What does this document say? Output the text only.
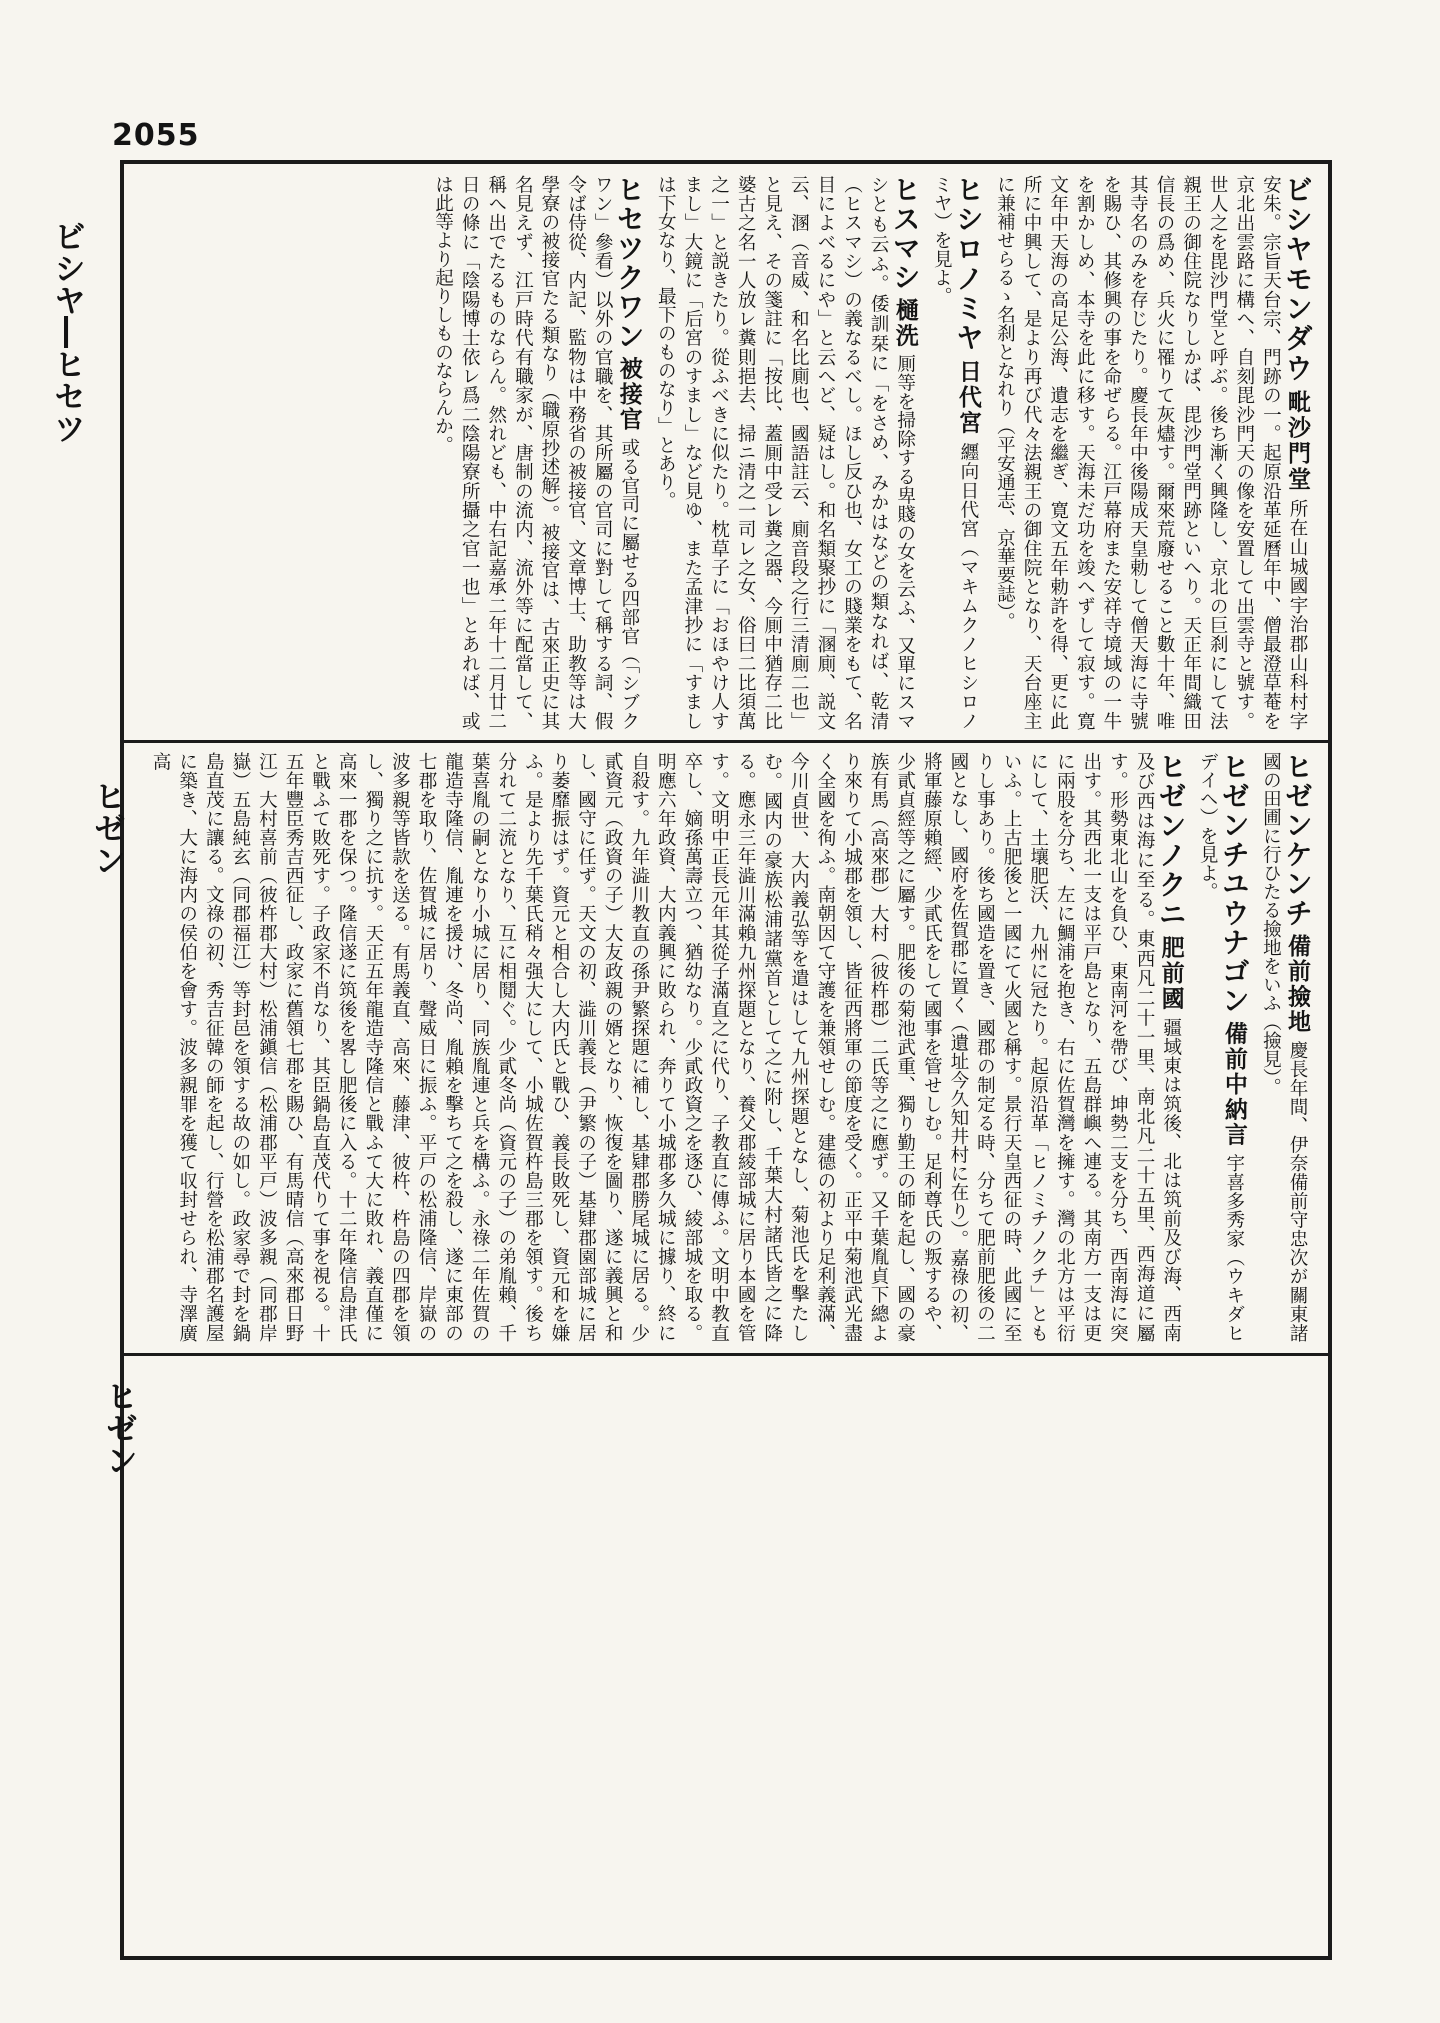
2055
ビシヤ―ヒセツ
ヒゼン
ヒゼン
ビシヤモンダウ 毗沙門堂 所在山城國宇治郡山科村字安朱。宗旨天台宗、門跡の一。起原沿革延曆年中、僧最澄草菴を京北出雲路に構へ、自刻毘沙門天の像を安置して出雲寺と號す。世人之を毘沙門堂と呼ぶ。後ち漸く興隆し、京北の巨刹にして法親王の御住院なりしかば、毘沙門堂門跡といへり。天正年間織田信長の爲め、兵火に罹りて灰燼す。爾來荒廢せること數十年、唯其寺名のみを存じたり。慶長年中後陽成天皇勅して僧天海に寺號を賜ひ、其修興の事を命ぜらる。江戸幕府また安祥寺境域の一牛を割かしめ、本寺を此に移す。天海未だ功を竣へずして寂す。寛文年中天海の高足公海、遺志を繼ぎ、寛文五年勅許を得、更に此所に中興して、是より再び代々法親王の御住院となり、天台座主に兼補せらるゝ名刹となれり（平安通志、京華要誌）。
ヒシロノミヤ 日代宮 纒向日代宮（マキムクノヒシロノミヤ）を見よ。
ヒスマシ 樋洗 厠等を掃除する卑賤の女を云ふ、又單にスマシとも云ふ。倭訓栞に「をさめ、みかはなどの類なれば、乾清（ヒスマシ）の義なるべし。ほし反ひ也、女工の賤業をもて、名目によべるにや」と云へど、疑はし。和名類聚抄に「溷廁、説文云、溷（音威、和名比廁也、國語註云、廁音段之行三清廁二也」と見え、その箋註に「按比、蓋厠中受レ糞之器、今厠中猶存二比婆古之名一人放レ糞則挹去、掃ニ清之一司レ之女、俗曰二比須萬之一」と説きたり。從ふべきに似たり。枕草子に「おほやけ人すまし」大鏡に「后宮のすまし」など見ゆ、また孟津抄に「すましは下女なり、最下のものなり」とあり。
ヒセツクワン 被接官 或る官司に屬せる四部官（「シブクワン」參看）以外の官職を、其所屬の官司に對して稱する詞、假令ば侍從、内記、監物は中務省の被接官、文章博士、助教等は大學寮の被接官たる類なり（職原抄述解）。被接官は、古來正史に其名見えず、江戸時代有職家が、唐制の流内、流外等に配當して、稱へ出でたるものならん。然れども、中右記嘉承二年十二月廿二日の條に「陰陽博士依レ爲二陰陽寮所攝之官一也」とあれば、或は此等より起りしものならんか。
ヒゼンケンチ 備前撿地 慶長年間、伊奈備前守忠次が關東諸國の田圃に行ひたる撿地をいふ（撿見）。
ヒゼンチユウナゴン 備前中納言 宇喜多秀家（ウキダヒデイヘ）を見よ。
ヒゼンノクニ 肥前國 疆域東は筑後、北は筑前及び海、西南及び西は海に至る。東西凡二十一里、南北凡二十五里、西海道に屬す。形勢東北山を負ひ、東南河を帶び、坤勢二支を分ち、西南海に突出す。其西北一支は平戸島となり、五島群嶼へ連る。其南方一支は更に兩股を分ち、左に鯛浦を抱き、右に佐賀灣を擁す。灣の北方は平衍にして、土壤肥沃、九州に冠たり。起原沿革「ヒノミチノクチ」ともいふ。上古肥後と一國にて火國と稱す。景行天皇西征の時、此國に至りし事あり。後ち國造を置き、國郡の制定る時、分ちて肥前肥後の二國となし、國府を佐賀郡に置く（遺址今久知井村に在り）。嘉祿の初、將軍藤原賴經、少貳氏をして國事を管せしむ。足利尊氏の叛するや、少貳貞經等之に屬す。肥後の菊池武重、獨り勤王の師を起し、國の豪族有馬（高來郡）大村（彼杵郡）二氏等之に應ず。又千葉胤貞下總より來りて小城郡を領し、皆征西將軍の節度を受く。正平中菊池武光盡く全國を徇ふ。南朝因て守護を兼領せしむ。建德の初より足利義滿、今川貞世、大内義弘等を遣はして九州探題となし、菊池氏を擊たしむ。國内の豪族松浦諸黨首として之に附し、千葉大村諸氏皆之に降る。應永三年澁川滿賴九州探題となり、養父郡綾部城に居り本國を管す。文明中正長元年其從子滿直之に代り、子教直に傳ふ。文明中教直卒し、嫡孫萬壽立つ、猶幼なり。少貳政資之を逐ひ、綾部城を取る。明應六年政資、大内義興に敗られ、奔りて小城郡多久城に據り、終に自殺す。九年澁川教直の孫尹繁探題に補し、基肄郡勝尾城に居る。少貳資元（政資の子）大友政親の婿となり、恢復を圖り、遂に義興と和し、國守に任ず。天文の初、澁川義長（尹繁の子）基肄郡園部城に居り萎靡振はず。資元と相合し大内氏と戰ひ、義長敗死し、資元和を嫌ふ。是より先千葉氏稍々强大にして、小城佐賀杵島三郡を領す。後ち分れて二流となり、互に相鬩ぐ。少貳冬尚（資元の子）の弟胤賴、千葉喜胤の嗣となり小城に居り、同族胤連と兵を構ふ。永祿二年佐賀の龍造寺隆信、胤連を援け、冬尚、胤賴を擊ちて之を殺し、遂に東部の七郡を取り、佐賀城に居り、聲威日に振ふ。平戸の松浦隆信、岸嶽の波多親等皆款を送る。有馬義直、高來、藤津、彼杵、杵島の四郡を領し、獨り之に抗す。天正五年龍造寺隆信と戰ふて大に敗れ、義直僅に高來一郡を保つ。隆信遂に筑後を畧し肥後に入る。十二年隆信島津氏と戰ふて敗死す。子政家不肖なり、其臣鍋島直茂代りて事を視る。十五年豐臣秀吉西征し、政家に舊領七郡を賜ひ、有馬晴信（高來郡日野江）大村喜前（彼杵郡大村）松浦鎭信（松浦郡平戸）波多親（同郡岸嶽）五島純玄（同郡福江）等封邑を領する故の如し。政家尋で封を鍋島直茂に讓る。文祿の初、秀吉征韓の師を起し、行營を松浦郡名護屋に築き、大に海内の侯伯を會す。波多親罪を獲て収封せられ、寺澤廣高
